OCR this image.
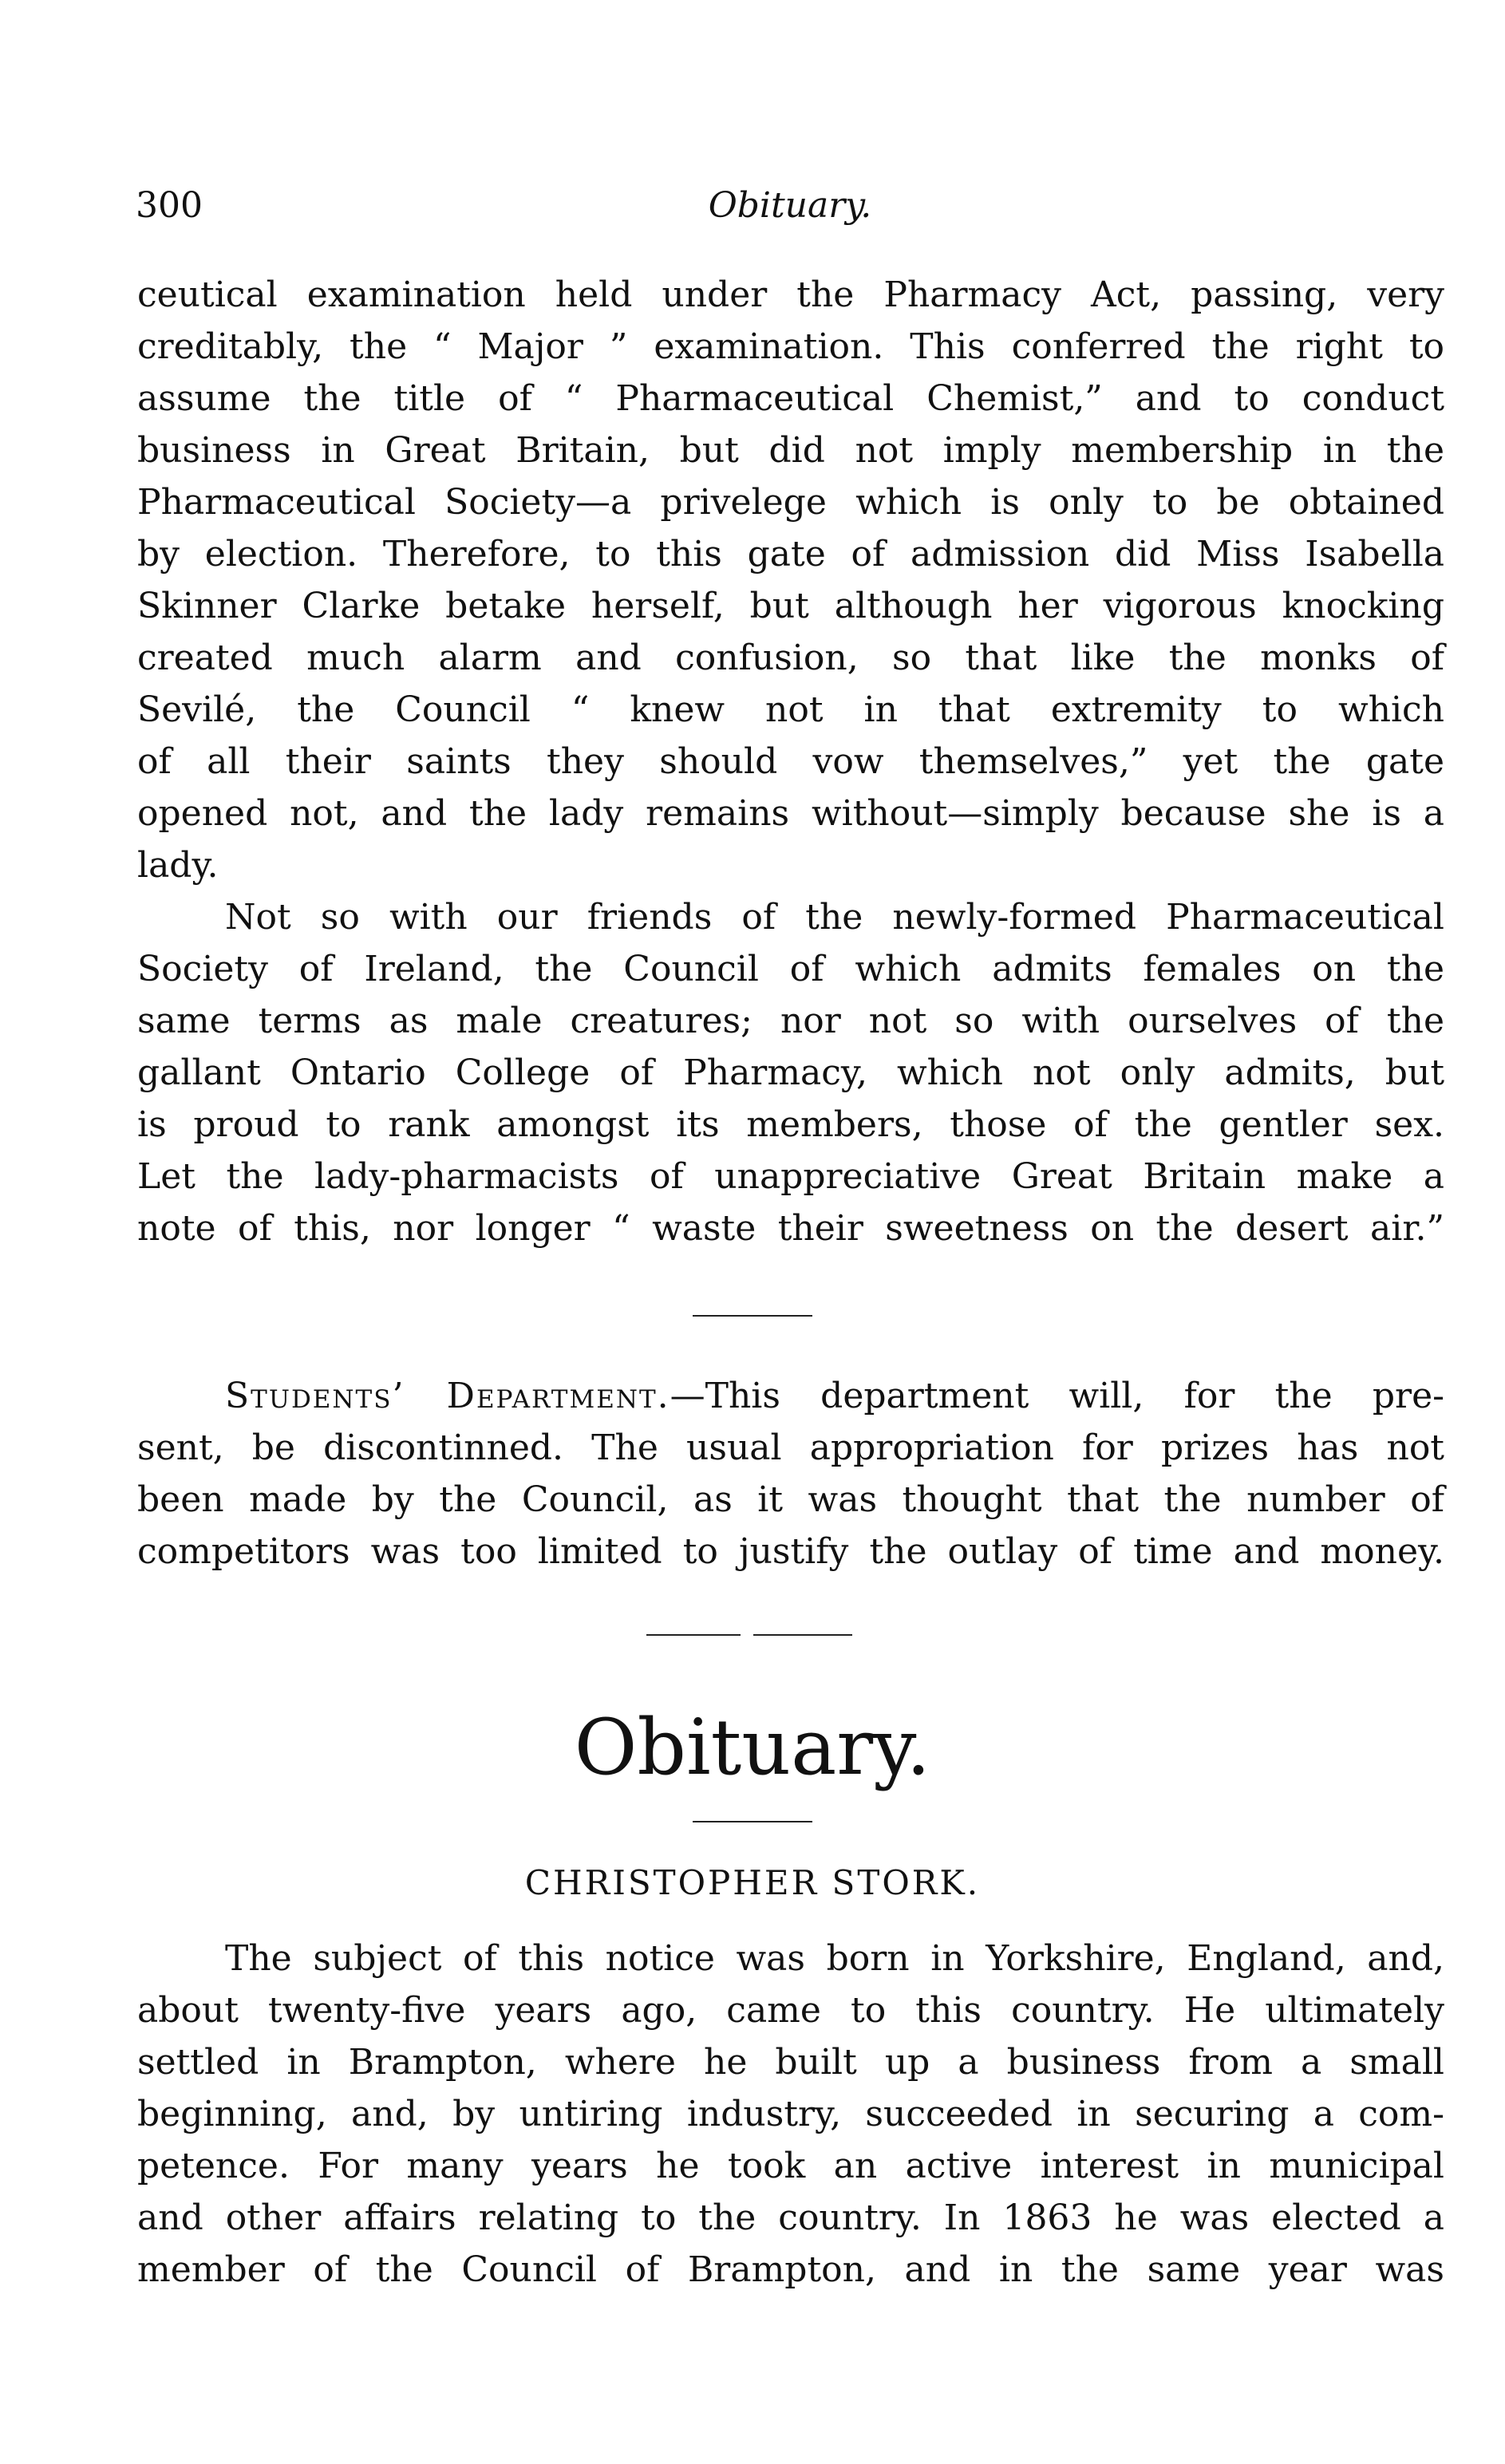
300	Obituary.
ceutical examination held under the Pharmacy Act, passing, very
creditably, the “ Major ” examination. This conferred the right to
assume the title of “ Pharmaceutical Chemist,” and to conduct
business in Great Britain, but did not imply membership in the
Pharmaceutical Society—a privelege which is only to be obtained
by election. Therefore, to this gate of admission did Miss Isabella
Skinner Clarke betake herself, but although her vigorous knocking
created much alarm and confusion, so that like the monks of
Sevilé, the Council “ knew not in that extremity to which
of all their saints they should vow themselves,” yet the gate
opened not, and the lady remains without—simply because she is a
lady.
Not so with our friends of the newly-formed Pharmaceutical
Society of Ireland, the Council of which admits females on the
same terms as male creatures; nor not so with ourselves of the
gallant Ontario College of Pharmacy, which not only admits, but
is proud to rank amongst its members, those of the gentler sex.
Let the lady-pharmacists of unappreciative Great Britain make a
note of this, nor longer “ waste their sweetness on the desert air.”
Students’ Department.—This department will, for the pre-
sent, be discontinned. The usual appropriation for prizes has not
been made by the Council, as it was thought that the number of
competitors was too limited to justify the outlay of time and money.
Obituary.
CHRISTOPHER STORK.
The subject of this notice was born in Yorkshire, England, and,
about twenty-five years ago, came to this country. He ultimately
settled in Brampton, where he built up a business from a small
beginning, and, by untiring industry, succeeded in securing a com-
petence. For many years he took an active interest in municipal
and other affairs relating to the country. In 1863 he was elected a
member of the Council of Brampton, and in the same year was
